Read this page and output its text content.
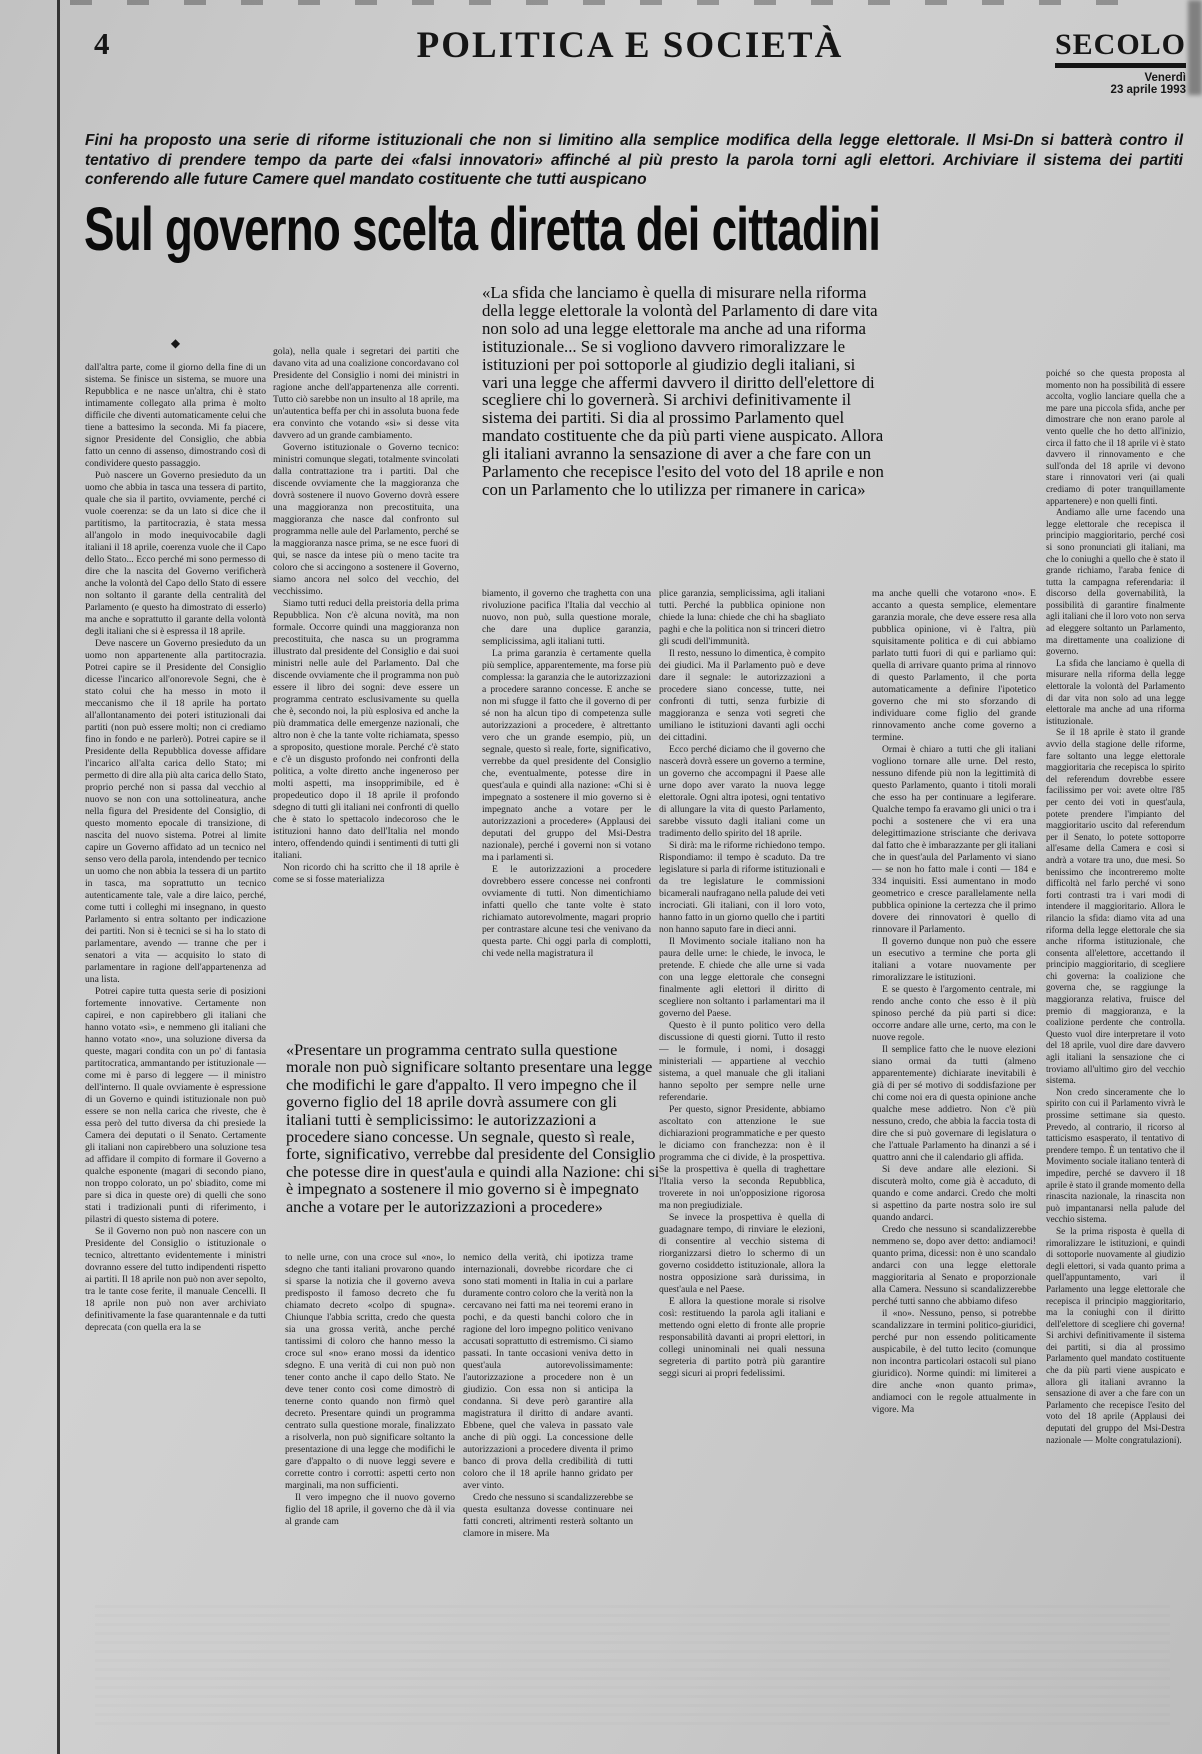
4	POLITICA E SOCIETÀ	SECOLO
Venerdì
23 aprile 1993

Fini ha proposto una serie di riforme istituzionali che non si limitino alla semplice modifica della legge elettorale. Il Msi-Dn si batterà contro il tentativo di prendere tempo da parte dei «falsi innovatori» affinché al più presto la parola torni agli elettori. Archiviare il sistema dei partiti conferendo alle future Camere quel mandato costituente che tutti auspicano

Sul governo scelta diretta dei cittadini
◆

dall'altra parte, come il giorno della fine di un sistema. Se finisce un sistema, se muore una Repubblica e ne nasce un'altra, chi è stato intimamente collegato alla prima è molto difficile che diventi automaticamente celui che tiene a battesimo la seconda. Mi fa piacere, signor Presidente del Consiglio, che abbia fatto un cenno di assenso, dimostrando così di condividere questo passaggio.

Può nascere un Governo presieduto da un uomo che abbia in tasca una tessera di partito, quale che sia il partito, ovviamente, perché ci vuole coerenza: se da un lato si dice che il partitismo, la partitocrazia, è stata messa all'angolo in modo inequivocabile dagli italiani il 18 aprile, coerenza vuole che il Capo dello Stato... Ecco perché mi sono permesso di dire che la nascita del Governo verificherà anche la volontà del Capo dello Stato di essere non soltanto il garante della centralità del Parlamento (e questo ha dimostrato di esserlo) ma anche e soprattutto il garante della volontà degli italiani che si è espressa il 18 aprile.

Deve nascere un Governo presieduto da un uomo non appartenente alla partitocrazia. Potrei capire se il Presidente del Consiglio dicesse l'incarico all'onorevole Segni, che è stato colui che ha messo in moto il meccanismo che il 18 aprile ha portato all'allontanamento dei poteri istituzionali dai partiti (non può essere molti; non ci crediamo fino in fondo e ne parlerò). Potrei capire se il Presidente della Repubblica dovesse affidare l'incarico all'alta carica dello Stato; mi permetto di dire alla più alta carica dello Stato, proprio perché non si passa dal vecchio al nuovo se non con una sottolineatura, anche nella figura del Presidente del Consiglio, di questo momento epocale di transizione, di nascita del nuovo sistema. Potrei al limite capire un Governo affidato ad un tecnico nel senso vero della parola, intendendo per tecnico un uomo che non abbia la tessera di un partito in tasca, ma soprattutto un tecnico autenticamente tale, vale a dire laico, perché, come tutti i colleghi mi insegnano, in questo Parlamento si entra soltanto per indicazione dei partiti. Non si è tecnici se si ha lo stato di parlamentare, avendo — tranne che per i senatori a vita — acquisito lo stato di parlamentare in ragione dell'appartenenza ad una lista.

Potrei capire tutta questa serie di posizioni fortemente innovative. Certamente non capirei, e non capirebbero gli italiani che hanno votato «sì», e nemmeno gli italiani che hanno votato «no», una soluzione diversa da queste, magari condita con un po' di fantasia partitocratica, ammantando per istituzionale — come mi è parso di leggere — il ministro dell'interno. Il quale ovviamente è espressione di un Governo e quindi istituzionale non può essere se non nella carica che riveste, che è essa però del tutto diversa da chi presiede la Camera dei deputati o il Senato. Certamente gli italiani non capirebbero una soluzione tesa ad affidare il compito di formare il Governo a qualche esponente (magari di secondo piano, non troppo colorato, un po' sbiadito, come mi pare si dica in queste ore) di quelli che sono stati i tradizionali punti di riferimento, i pilastri di questo sistema di potere.

Se il Governo non può non nascere con un Presidente del Consiglio o istituzionale o tecnico, altrettanto evidentemente i ministri dovranno essere del tutto indipendenti rispetto ai partiti. Il 18 aprile non può non aver sepolto, tra le tante cose ferite, il manuale Cencelli. Il 18 aprile non può non aver archiviato definitivamente la fase quarantennale e da tutti deprecata (con quella era la se

gola), nella quale i segretari dei partiti che davano vita ad una coalizione concordavano col Presidente del Consiglio i nomi dei ministri in ragione anche dell'appartenenza alle correnti. Tutto ciò sarebbe non un insulto al 18 aprile, ma un'autentica beffa per chi in assoluta buona fede era convinto che votando «sì» si desse vita davvero ad un grande cambiamento.

Governo istituzionale o Governo tecnico: ministri comunque slegati, totalmente svincolati dalla contrattazione tra i partiti. Dal che discende ovviamente che la maggioranza che dovrà sostenere il nuovo Governo dovrà essere una maggioranza non precostituita, una maggioranza che nasce dal confronto sul programma nelle aule del Parlamento, perché se la maggioranza nasce prima, se ne esce fuori di qui, se nasce da intese più o meno tacite tra coloro che si accingono a sostenere il Governo, siamo ancora nel solco del vecchio, del vecchissimo.

Siamo tutti reduci della preistoria della prima Repubblica. Non c'è alcuna novità, ma non formale. Occorre quindi una maggioranza non precostituita, che nasca su un programma illustrato dal presidente del Consiglio e dai suoi ministri nelle aule del Parlamento. Dal che discende ovviamente che il programma non può essere il libro dei sogni: deve essere un programma centrato esclusivamente su quella che è, secondo noi, la più esplosiva ed anche la più drammatica delle emergenze nazionali, che altro non è che la tante volte richiamata, spesso a sproposito, questione morale. Perché c'è stato e c'è un disgusto profondo nei confronti della politica, a volte diretto anche ingeneroso per molti aspetti, ma insopprimibile, ed è propedeutico dopo il 18 aprile il profondo sdegno di tutti gli italiani nei confronti di quello che è stato lo spettacolo indecoroso che le istituzioni hanno dato dell'Italia nel mondo intero, offendendo quindi i sentimenti di tutti gli italiani.

Non ricordo chi ha scritto che il 18 aprile è come se si fosse materializza

«La sfida che lanciamo è quella di misurare nella riforma della legge elettorale la volontà del Parlamento di dare vita non solo ad una legge elettorale ma anche ad una riforma istituzionale... Se si vogliono davvero rimoralizzare le istituzioni per poi sottoporle al giudizio degli italiani, si vari una legge che affermi davvero il diritto dell'elettore di scegliere chi lo governerà. Si archivi definitivamente il sistema dei partiti. Si dia al prossimo Parlamento quel mandato costituente che da più parti viene auspicato. Allora gli italiani avranno la sensazione di aver a che fare con un Parlamento che recepisce l'esito del voto del 18 aprile e non con un Parlamento che lo utilizza per rimanere in carica»

biamento, il governo che traghetta con una rivoluzione pacifica l'Italia dal vecchio al nuovo, non può, sulla questione morale, che dare una duplice garanzia, semplicissima, agli italiani tutti.

La prima garanzia è certamente quella più semplice, apparentemente, ma forse più complessa: la garanzia che le autorizzazioni a procedere saranno concesse. E anche se non mi sfugge il fatto che il governo di per sé non ha alcun tipo di competenza sulle autorizzazioni a procedere, è altrettanto vero che un grande esempio, più, un segnale, questo sì reale, forte, significativo, verrebbe da quel presidente del Consiglio che, eventualmente, potesse dire in quest'aula e quindi alla nazione: «Chi si è impegnato a sostenere il mio governo si è impegnato anche a votare per le autorizzazioni a procedere» (Applausi dei deputati del gruppo del Msi-Destra nazionale), perché i governi non si votano ma i parlamenti sì.

E le autorizzazioni a procedere dovrebbero essere concesse nei confronti ovviamente di tutti. Non dimentichiamo infatti quello che tante volte è stato richiamato autorevolmente, magari proprio per contrastare alcune tesi che venivano da questa parte. Chi oggi parla di complotti, chi vede nella magistratura il

plice garanzia, semplicissima, agli italiani tutti. Perché la pubblica opinione non chiede la luna: chiede che chi ha sbagliato paghi e che la politica non si trinceri dietro gli scudi dell'immunità.

Il resto, nessuno lo dimentica, è compito dei giudici. Ma il Parlamento può e deve dare il segnale: le autorizzazioni a procedere siano concesse, tutte, nei confronti di tutti, senza furbizie di maggioranza e senza voti segreti che umiliano le istituzioni davanti agli occhi dei cittadini.

Ecco perché diciamo che il governo che nascerà dovrà essere un governo a termine, un governo che accompagni il Paese alle urne dopo aver varato la nuova legge elettorale. Ogni altra ipotesi, ogni tentativo di allungare la vita di questo Parlamento, sarebbe vissuto dagli italiani come un tradimento dello spirito del 18 aprile.

Si dirà: ma le riforme richiedono tempo. Rispondiamo: il tempo è scaduto. Da tre legislature si parla di riforme istituzionali e da tre legislature le commissioni bicamerali naufragano nella palude dei veti incrociati. Gli italiani, con il loro voto, hanno fatto in un giorno quello che i partiti non hanno saputo fare in dieci anni.

Il Movimento sociale italiano non ha paura delle urne: le chiede, le invoca, le pretende. E chiede che alle urne si vada con una legge elettorale che consegni finalmente agli elettori il diritto di scegliere non soltanto i parlamentari ma il governo del Paese.

Questo è il punto politico vero della discussione di questi giorni. Tutto il resto — le formule, i nomi, i dosaggi ministeriali — appartiene al vecchio sistema, a quel manuale che gli italiani hanno sepolto per sempre nelle urne referendarie.

Per questo, signor Presidente, abbiamo ascoltato con attenzione le sue dichiarazioni programmatiche e per questo le diciamo con franchezza: non è il programma che ci divide, è la prospettiva. Se la prospettiva è quella di traghettare l'Italia verso la seconda Repubblica, troverete in noi un'opposizione rigorosa ma non pregiudiziale.

Se invece la prospettiva è quella di guadagnare tempo, di rinviare le elezioni, di consentire al vecchio sistema di riorganizzarsi dietro lo schermo di un governo cosiddetto istituzionale, allora la nostra opposizione sarà durissima, in quest'aula e nel Paese.

E allora la questione morale si risolve così: restituendo la parola agli italiani e mettendo ogni eletto di fronte alle proprie responsabilità davanti ai propri elettori, in collegi uninominali nei quali nessuna segreteria di partito potrà più garantire seggi sicuri ai propri fedelissimi.

ma anche quelli che votarono «no». E accanto a questa semplice, elementare garanzia morale, che deve essere resa alla pubblica opinione, vi è l'altra, più squisitamente politica e di cui abbiamo parlato tutti fuori di qui e parliamo qui: quella di arrivare quanto prima al rinnovo di questo Parlamento, il che porta automaticamente a definire l'ipotetico governo che mi sto sforzando di individuare come figlio del grande rinnovamento anche come governo a termine.

Ormai è chiaro a tutti che gli italiani vogliono tornare alle urne. Del resto, nessuno difende più non la legittimità di questo Parlamento, quanto i titoli morali che esso ha per continuare a legiferare. Qualche tempo fa eravamo gli unici o tra i pochi a sostenere che vi era una delegittimazione strisciante che derivava dal fatto che è imbarazzante per gli italiani che in quest'aula del Parlamento vi siano — se non ho fatto male i conti — 184 e 334 inquisiti. Essi aumentano in modo geometrico e cresce parallelamente nella pubblica opinione la certezza che il primo dovere dei rinnovatori è quello di rinnovare il Parlamento.

Il governo dunque non può che essere un esecutivo a termine che porta gli italiani a votare nuovamente per rimoralizzare le istituzioni.

E se questo è l'argomento centrale, mi rendo anche conto che esso è il più spinoso perché da più parti si dice: occorre andare alle urne, certo, ma con le nuove regole.

Il semplice fatto che le nuove elezioni siano ormai da tutti (almeno apparentemente) dichiarate inevitabili è già di per sé motivo di soddisfazione per chi come noi era di questa opinione anche qualche mese addietro. Non c'è più nessuno, credo, che abbia la faccia tosta di dire che si può governare di legislatura o che l'attuale Parlamento ha dinanzi a sé i quattro anni che il calendario gli affida.

Si deve andare alle elezioni. Si discuterà molto, come già è accaduto, di quando e come andarci. Credo che molti si aspettino da parte nostra solo ire sul quando andarci.

Credo che nessuno si scandalizzerebbe nemmeno se, dopo aver detto: andiamoci! quanto prima, dicessi: non è uno scandalo andarci con una legge elettorale maggioritaria al Senato e proporzionale alla Camera. Nessuno si scandalizzerebbe perché tutti sanno che abbiamo difeso

il «no». Nessuno, penso, si potrebbe scandalizzare in termini politico-giuridici, perché pur non essendo politicamente auspicabile, è del tutto lecito (comunque non incontra particolari ostacoli sul piano giuridico). Norme quindi: mi limiterei a dire anche «non quanto prima», andiamoci con le regole attualmente in vigore. Ma

poiché so che questa proposta al momento non ha possibilità di essere accolta, voglio lanciare quella che a me pare una piccola sfida, anche per dimostrare che non erano parole al vento quelle che ho detto all'inizio, circa il fatto che il 18 aprile vi è stato davvero il rinnovamento e che sull'onda del 18 aprile vi devono stare i rinnovatori veri (ai quali crediamo di poter tranquillamente appartenere) e non quelli finti.

Andiamo alle urne facendo una legge elettorale che recepisca il principio maggioritario, perché così si sono pronunciati gli italiani, ma che lo coniughi a quello che è stato il grande richiamo, l'araba fenice di tutta la campagna referendaria: il discorso della governabilità, la possibilità di garantire finalmente agli italiani che il loro voto non serva ad eleggere soltanto un Parlamento, ma direttamente una coalizione di governo.

La sfida che lanciamo è quella di misurare nella riforma della legge elettorale la volontà del Parlamento di dar vita non solo ad una legge elettorale ma anche ad una riforma istituzionale.

Se il 18 aprile è stato il grande avvio della stagione delle riforme, fare soltanto una legge elettorale maggioritaria che recepisca lo spirito del referendum dovrebbe essere facilissimo per voi: avete oltre l'85 per cento dei voti in quest'aula, potete prendere l'impianto del maggioritario uscito dal referendum per il Senato, lo potete sottoporre all'esame della Camera e così si andrà a votare tra uno, due mesi. So benissimo che incontreremo molte difficoltà nel farlo perché vi sono forti contrasti tra i vari modi di intendere il maggioritario. Allora le rilancio la sfida: diamo vita ad una riforma della legge elettorale che sia anche riforma istituzionale, che consenta all'elettore, accettando il principio maggioritario, di scegliere chi governa: la coalizione che governa che, se raggiunge la maggioranza relativa, fruisce del premio di maggioranza, e la coalizione perdente che controlla. Questo vuol dire interpretare il voto del 18 aprile, vuol dire dare davvero agli italiani la sensazione che ci troviamo all'ultimo giro del vecchio sistema.

Non credo sinceramente che lo spirito con cui il Parlamento vivrà le prossime settimane sia questo. Prevedo, al contrario, il ricorso al tatticismo esasperato, il tentativo di prendere tempo. È un tentativo che il Movimento sociale italiano tenterà di impedire, perché se davvero il 18 aprile è stato il grande momento della rinascita nazionale, la rinascita non può impantanarsi nella palude del vecchio sistema.

Se la prima risposta è quella di rimoralizzare le istituzioni, e quindi di sottoporle nuovamente al giudizio degli elettori, si vada quanto prima a quell'appuntamento, vari il Parlamento una legge elettorale che recepisca il principio maggioritario, ma la coniughi con il diritto dell'elettore di scegliere chi governa! Si archivi definitivamente il sistema dei partiti, si dia al prossimo Parlamento quel mandato costituente che da più parti viene auspicato e allora gli italiani avranno la sensazione di aver a che fare con un Parlamento che recepisce l'esito del voto del 18 aprile (Applausi dei deputati del gruppo del Msi-Destra nazionale — Molte congratulazioni).

«Presentare un programma centrato sulla questione morale non può significare soltanto presentare una legge che modifichi le gare d'appalto. Il vero impegno che il governo figlio del 18 aprile dovrà assumere con gli italiani tutti è semplicissimo: le autorizzazioni a procedere siano concesse. Un segnale, questo sì reale, forte, significativo, verrebbe dal presidente del Consiglio che potesse dire in quest'aula e quindi alla Nazione: chi si è impegnato a sostenere il mio governo si è impegnato anche a votare per le autorizzazioni a procedere»

to nelle urne, con una croce sul «no», lo sdegno che tanti italiani provarono quando si sparse la notizia che il governo aveva predisposto il famoso decreto che fu chiamato decreto «colpo di spugna». Chiunque l'abbia scritta, credo che questa sia una grossa verità, anche perché tantissimi di coloro che hanno messo la croce sul «no» erano mossi da identico sdegno. E una verità di cui non può non tener conto anche il capo dello Stato. Ne deve tener conto così come dimostrò di tenerne conto quando non firmò quel decreto. Presentare quindi un programma centrato sulla questione morale, finalizzato a risolverla, non può significare soltanto la presentazione di una legge che modifichi le gare d'appalto o di nuove leggi severe e corrette contro i corrotti: aspetti certo non marginali, ma non sufficienti.

Il vero impegno che il nuovo governo figlio del 18 aprile, il governo che dà il via al grande cam

nemico della verità, chi ipotizza trame internazionali, dovrebbe ricordare che ci sono stati momenti in Italia in cui a parlare duramente contro coloro che la verità non la cercavano nei fatti ma nei teoremi erano in pochi, e da questi banchi coloro che in ragione del loro impegno politico venivano accusati soprattutto di estremismo. Ci siamo passati. In tante occasioni veniva detto in quest'aula autorevolissimamente: l'autorizzazione a procedere non è un giudizio. Con essa non si anticipa la condanna. Si deve però garantire alla magistratura il diritto di andare avanti. Ebbene, quel che valeva in passato vale anche di più oggi. La concessione delle autorizzazioni a procedere diventa il primo banco di prova della credibilità di tutti coloro che il 18 aprile hanno gridato per aver vinto.

Credo che nessuno si scandalizzerebbe se questa esultanza dovesse continuare nei fatti concreti, altrimenti resterà soltanto un clamore in misere. Ma
